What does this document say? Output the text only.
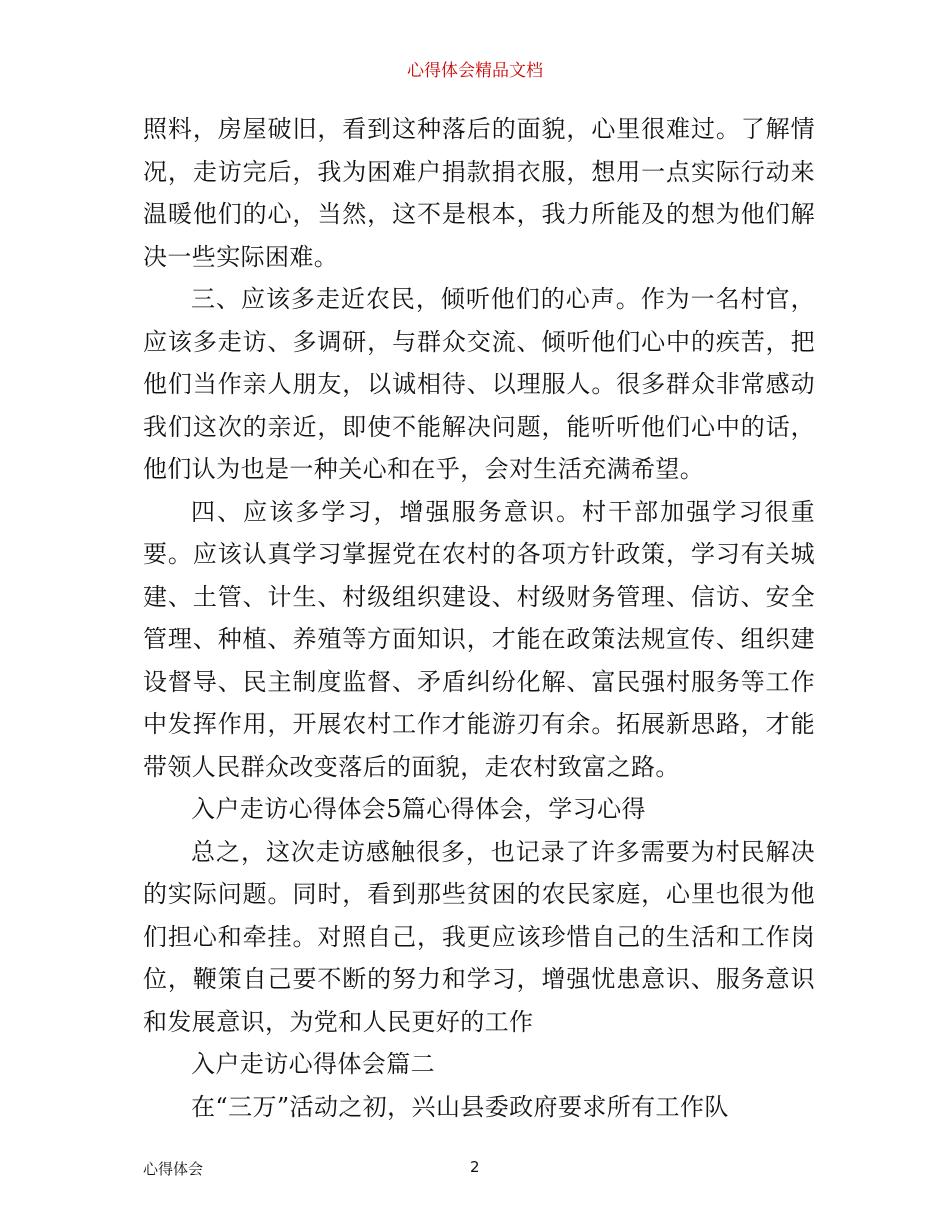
心得体会精品文档

照料，房屋破旧，看到这种落后的面貌，心里很难过。了解情况，走访完后，我为困难户捐款捐衣服，想用一点实际行动来温暖他们的心，当然，这不是根本，我力所能及的想为他们解决一些实际困难。

三、应该多走近农民，倾听他们的心声。作为一名村官，应该多走访、多调研，与群众交流、倾听他们心中的疾苦，把他们当作亲人朋友，以诚相待、以理服人。很多群众非常感动我们这次的亲近，即使不能解决问题，能听听他们心中的话，他们认为也是一种关心和在乎，会对生活充满希望。

四、应该多学习，增强服务意识。村干部加强学习很重要。应该认真学习掌握党在农村的各项方针政策，学习有关城建、土管、计生、村级组织建设、村级财务管理、信访、安全管理、种植、养殖等方面知识，才能在政策法规宣传、组织建设督导、民主制度监督、矛盾纠纷化解、富民强村服务等工作中发挥作用，开展农村工作才能游刃有余。拓展新思路，才能带领人民群众改变落后的面貌，走农村致富之路。

入户走访心得体会5篇心得体会，学习心得

总之，这次走访感触很多，也记录了许多需要为村民解决的实际问题。同时，看到那些贫困的农民家庭，心里也很为他们担心和牵挂。对照自己，我更应该珍惜自己的生活和工作岗位，鞭策自己要不断的努力和学习，增强忧患意识、服务意识和发展意识，为党和人民更好的工作

入户走访心得体会篇二

在“三万”活动之初，兴山县委政府要求所有工作队

心得体会	2
